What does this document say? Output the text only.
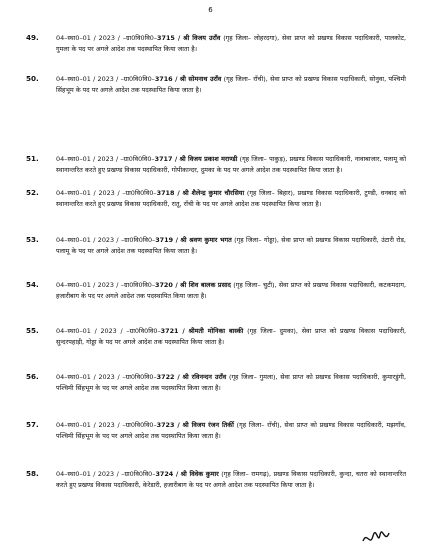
6
49.	04–स्था0–01 / 2023 / –ग्रा0वि0वि0–3715 / श्री विजय उराँव (गृह जिला– लोहरदगा), सेवा प्राप्त को प्रखण्ड विकास पदाधिकारी, पालकोट, गुमला के पद पर अगले आदेश तक पदस्थापित किया जाता है।
50.	04–स्था0–01 / 2023 / –ग्रा0वि0वि0–3716 / श्री सोमनाथ उराँव (गृह जिला– राँची), सेवा प्राप्त को प्रखण्ड विकास पदाधिकारी, सोनुवा, पश्चिमी सिंहभूम के पद पर अगले आदेश तक पदस्थापित किया जाता है।
51.	04–स्था0–01 / 2023 / –ग्रा0वि0वि0–3717 / श्री विजय प्रकाश मराण्डी (गृह जिला– पाकुड़), प्रखण्ड विकास पदाधिकारी, नावाबाजार, पलामू को स्थानान्तरित करते हुए प्रखण्ड विकास पदाधिकारी, गोपीकान्दर, दुमका के पद पर अगले आदेश तक पदस्थापित किया जाता है।
52.	04–स्था0–01 / 2023 / –ग्रा0वि0वि0–3718 / श्री शैलेन्द्र कुमार चौरसिया (गृह जिला– बिहार), प्रखण्ड विकास पदाधिकारी, टुण्डी, धनबाद को स्थानान्तरित करते हुए प्रखण्ड विकास पदाधिकारी, रातू, राँची के पद पर अगले आदेश तक पदस्थापित किया जाता है।
53.	04–स्था0–01 / 2023 / –ग्रा0वि0वि0–3719 / श्री श्रवण कुमार भगत (गृह जिला– गोड्डा), सेवा प्राप्त को प्रखण्ड विकास पदाधिकारी, उंटारी रोड, पलामू के पद पर अगले आदेश तक पदस्थापित किया जाता है।
54.	04–स्था0–01 / 2023 / –ग्रा0वि0वि0–3720 / श्री शिव बालक प्रसाद (गृह जिला– चुटी), सेवा प्राप्त को प्रखण्ड विकास पदाधिकारी, कटकमदाग, हजारीबाग के पद पर अगले आदेश तक पदस्थापित किया जाता है।
55.	04–स्था0–01 / 2023 / –ग्रा0वि0वि0–3721 / श्रीमती मोनिका बास्की (गृह जिला– दुमका), सेवा प्राप्त को प्रखण्ड विकास पदाधिकारी, सुन्दरपहाड़ी, गोड्डा के पद पर अगले आदेश तक पदस्थापित किया जाता है।
56.	04–स्था0–01 / 2023 / –ग्रा0वि0वि0–3722 / श्री रविनन्दन उराँव (गृह जिला– गुमला), सेवा प्राप्त को प्रखण्ड विकास पदाधिकारी, कुमारडुंगी, पश्चिमी सिंहभूम के पद पर अगले आदेश तक पदस्थापित किया जाता है।
57.	04–स्था0–01 / 2023 / –ग्रा0वि0वि0–3723 / श्री विजय रंजन तिर्की (गृह जिला– राँची), सेवा प्राप्त को प्रखण्ड विकास पदाधिकारी, मझगाँव, पश्चिमी सिंहभूम के पद पर अगले आदेश तक पदस्थापित किया जाता है।
58.	04–स्था0–01 / 2023 / –ग्रा0वि0वि0–3724 / श्री विवेक कुमार (गृह जिला– रामगढ़), प्रखण्ड विकास पदाधिकारी, कुन्दा, चतरा को स्थानान्तरित करते हुए प्रखण्ड विकास पदाधिकारी, केरेडारी, हजारीबाग के पद पर अगले आदेश तक पदस्थापित किया जाता है।
